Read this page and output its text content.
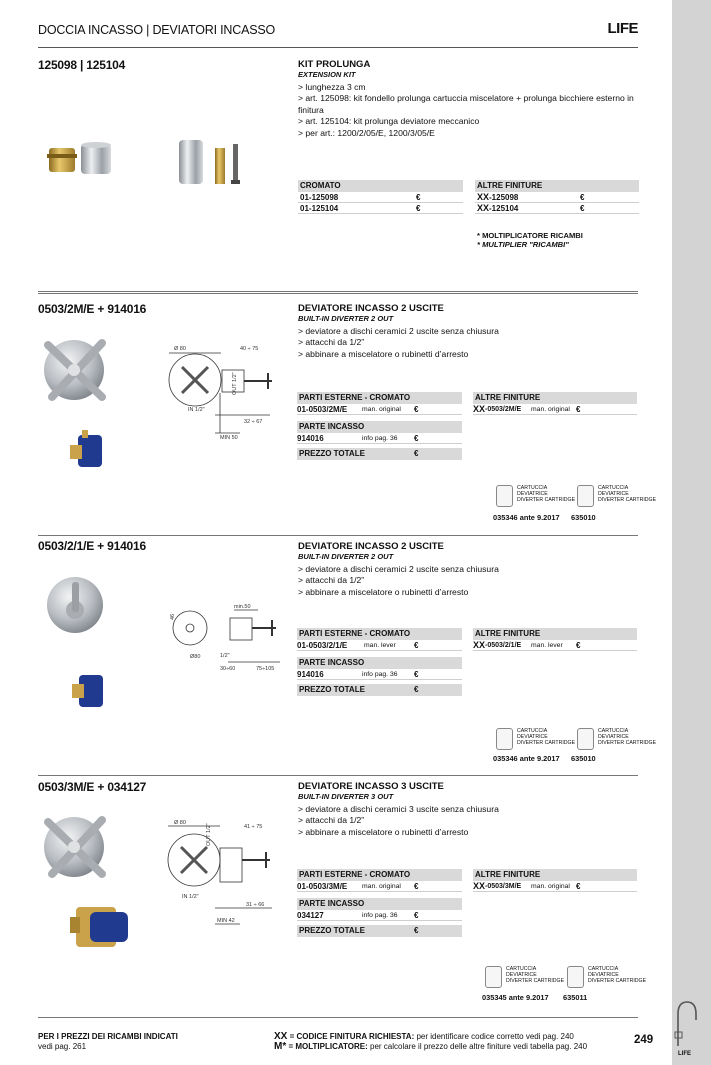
DOCCIA INCASSO | DEVIATORI INCASSO	LIFE
125098 | 125104	KIT PROLUNGA
EXTENSION KIT
> lunghezza 3 cm
> art. 125098: kit fondello prolunga cartuccia miscelatore + prolunga bicchiere esterno in finitura
> art. 125104: kit prolunga deviatore meccanico
> per art.: 1200/2/05/E, 1200/3/05/E
CROMATO
01-125098	€
01-125104	€
ALTRE FINITURE
XX -125098	€
XX -125104	€
* MOLTIPLICATORE RICAMBI
* MULTIPLIER "RICAMBI"
0503/2M/E + 914016	DEVIATORE INCASSO 2 USCITE
BUILT-IN DIVERTER 2 OUT
> deviatore a dischi ceramici 2 uscite senza chiusura
> attacchi da 1/2”
> abbinare a miscelatore o rubinetti d’arresto
Ø 80	40 ÷ 75
OUT 1/2"
IN 1/2"
32 ÷ 67
MIN 50
PARTI ESTERNE - CROMATO
01-0503/2M/E man. original €
PARTE INCASSO
914016	info pag. 36 €
PREZZO TOTALE	€
ALTRE FINITURE
XX -0503/2M/E man. original €
CARTUCCIA
DEVIATRICE
DIVERTER CARTRIDGE
CARTUCCIA
DEVIATRICE
DIVERTER CARTRIDGE
035346 ante 9.2017 635010
0503/2/1/E + 914016	DEVIATORE INCASSO 2 USCITE
BUILT-IN DIVERTER 2 OUT
> deviatore a dischi ceramici 2 uscite senza chiusura
> attacchi da 1/2”
> abbinare a miscelatore o rubinetti d’arresto
min.50
46
Ø80	1/2"
30÷60	75÷105
PARTI ESTERNE - CROMATO
01-0503/2/1/E man. lever €
PARTE INCASSO
914016	info pag. 36 €
PREZZO TOTALE	€
ALTRE FINITURE
XX -0503/2/1/E man. lever €
CARTUCCIA
DEVIATRICE
DIVERTER CARTRIDGE
CARTUCCIA
DEVIATRICE
DIVERTER CARTRIDGE
035346 ante 9.2017 635010
0503/3M/E + 034127	DEVIATORE INCASSO 3 USCITE
BUILT-IN DIVERTER 3 OUT
> deviatore a dischi ceramici 3 uscite senza chiusura
> attacchi da 1/2”
> abbinare a miscelatore o rubinetti d’arresto
Ø 80
41 ÷ 75
OUT 1/2"
IN 1/2"
31 ÷ 66
MIN 42
PARTI ESTERNE - CROMATO
01-0503/3M/E man. original €
PARTE INCASSO
034127	info pag. 36 €
PREZZO TOTALE	€
ALTRE FINITURE
XX -0503/3M/E man. original €
CARTUCCIA
DEVIATRICE
DIVERTER CARTRIDGE
CARTUCCIA
DEVIATRICE
DIVERTER CARTRIDGE
035345 ante 9.2017 635011
PER I PREZZI DEI RICAMBI INDICATI
vedi pag. 261
XX = CODICE FINITURA RICHIESTA: per identificare codice corretto vedi pag. 240
M* = MOLTIPLICATORE: per calcolare il prezzo delle altre finiture vedi tabella pag. 240
249
LIFE
